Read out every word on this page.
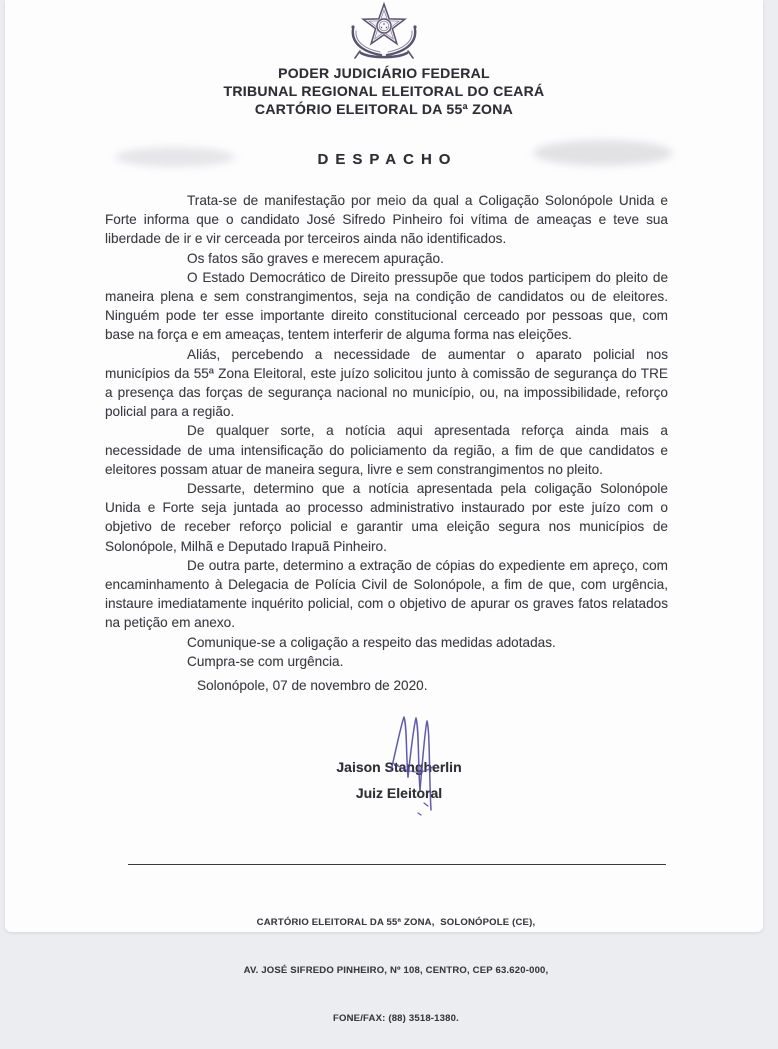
PODER JUDICIÁRIO FEDERAL
TRIBUNAL REGIONAL ELEITORAL DO CEARÁ
CARTÓRIO ELEITORAL DA 55ª ZONA
DESPACHO

Trata-se de manifestação por meio da qual a Coligação Solonópole Unida e Forte informa que o candidato José Sifredo Pinheiro foi vítima de ameaças e teve sua liberdade de ir e vir cerceada por terceiros ainda não identificados.

Os fatos são graves e merecem apuração.

O Estado Democrático de Direito pressupõe que todos participem do pleito de maneira plena e sem constrangimentos, seja na condição de candidatos ou de eleitores. Ninguém pode ter esse importante direito constitucional cerceado por pessoas que, com base na força e em ameaças, tentem interferir de alguma forma nas eleições.

Aliás, percebendo a necessidade de aumentar o aparato policial nos municípios da 55ª Zona Eleitoral, este juízo solicitou junto à comissão de segurança do TRE a presença das forças de segurança nacional no município, ou, na impossibilidade, reforço policial para a região.

De qualquer sorte, a notícia aqui apresentada reforça ainda mais a necessidade de uma intensificação do policiamento da região, a fim de que candidatos e eleitores possam atuar de maneira segura, livre e sem constrangimentos no pleito.

Dessarte, determino que a notícia apresentada pela coligação Solonópole Unida e Forte seja juntada ao processo administrativo instaurado por este juízo com o objetivo de receber reforço policial e garantir uma eleição segura nos municípios de Solonópole, Milhã e Deputado Irapuã Pinheiro.

De outra parte, determino a extração de cópias do expediente em apreço, com encaminhamento à Delegacia de Polícia Civil de Solonópole, a fim de que, com urgência, instaure imediatamente inquérito policial, com o objetivo de apurar os graves fatos relatados na petição em anexo.

Comunique-se a coligação a respeito das medidas adotadas.

Cumpra-se com urgência.

Solonópole, 07 de novembro de 2020.

Jaison Stangherlin
Juiz Eleitoral

CARTÓRIO ELEITORAL DA 55ª ZONA,  SOLONÓPOLE (CE),

AV. JOSÉ SIFREDO PINHEIRO, Nº 108, CENTRO, CEP 63.620-000,

FONE/FAX: (88) 3518-1380.
